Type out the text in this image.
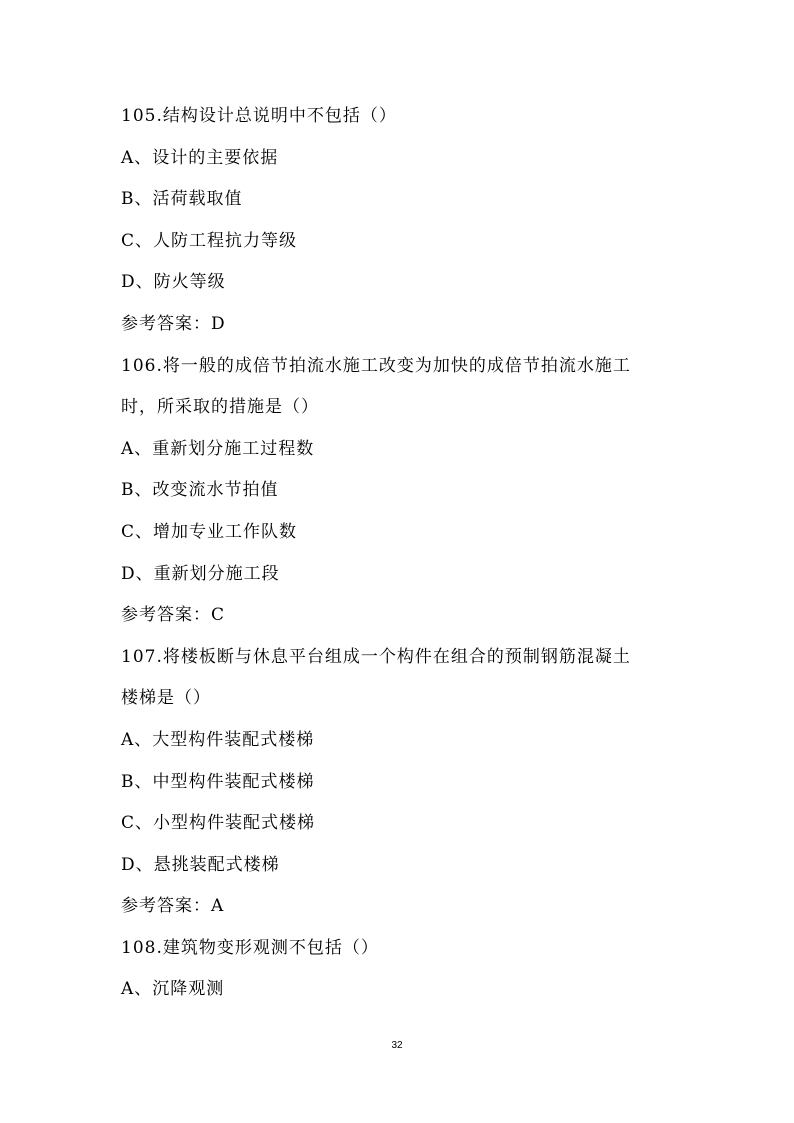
105.结构设计总说明中不包括（）
A、设计的主要依据
B、活荷载取值
C、人防工程抗力等级
D、防火等级
参考答案：D
106.将一般的成倍节拍流水施工改变为加快的成倍节拍流水施工
时，所采取的措施是（）
A、重新划分施工过程数
B、改变流水节拍值
C、增加专业工作队数
D、重新划分施工段
参考答案：C
107.将楼板断与休息平台组成一个构件在组合的预制钢筋混凝土
楼梯是（）
A、大型构件装配式楼梯
B、中型构件装配式楼梯
C、小型构件装配式楼梯
D、悬挑装配式楼梯
参考答案：A
108.建筑物变形观测不包括（）
A、沉降观测
32
